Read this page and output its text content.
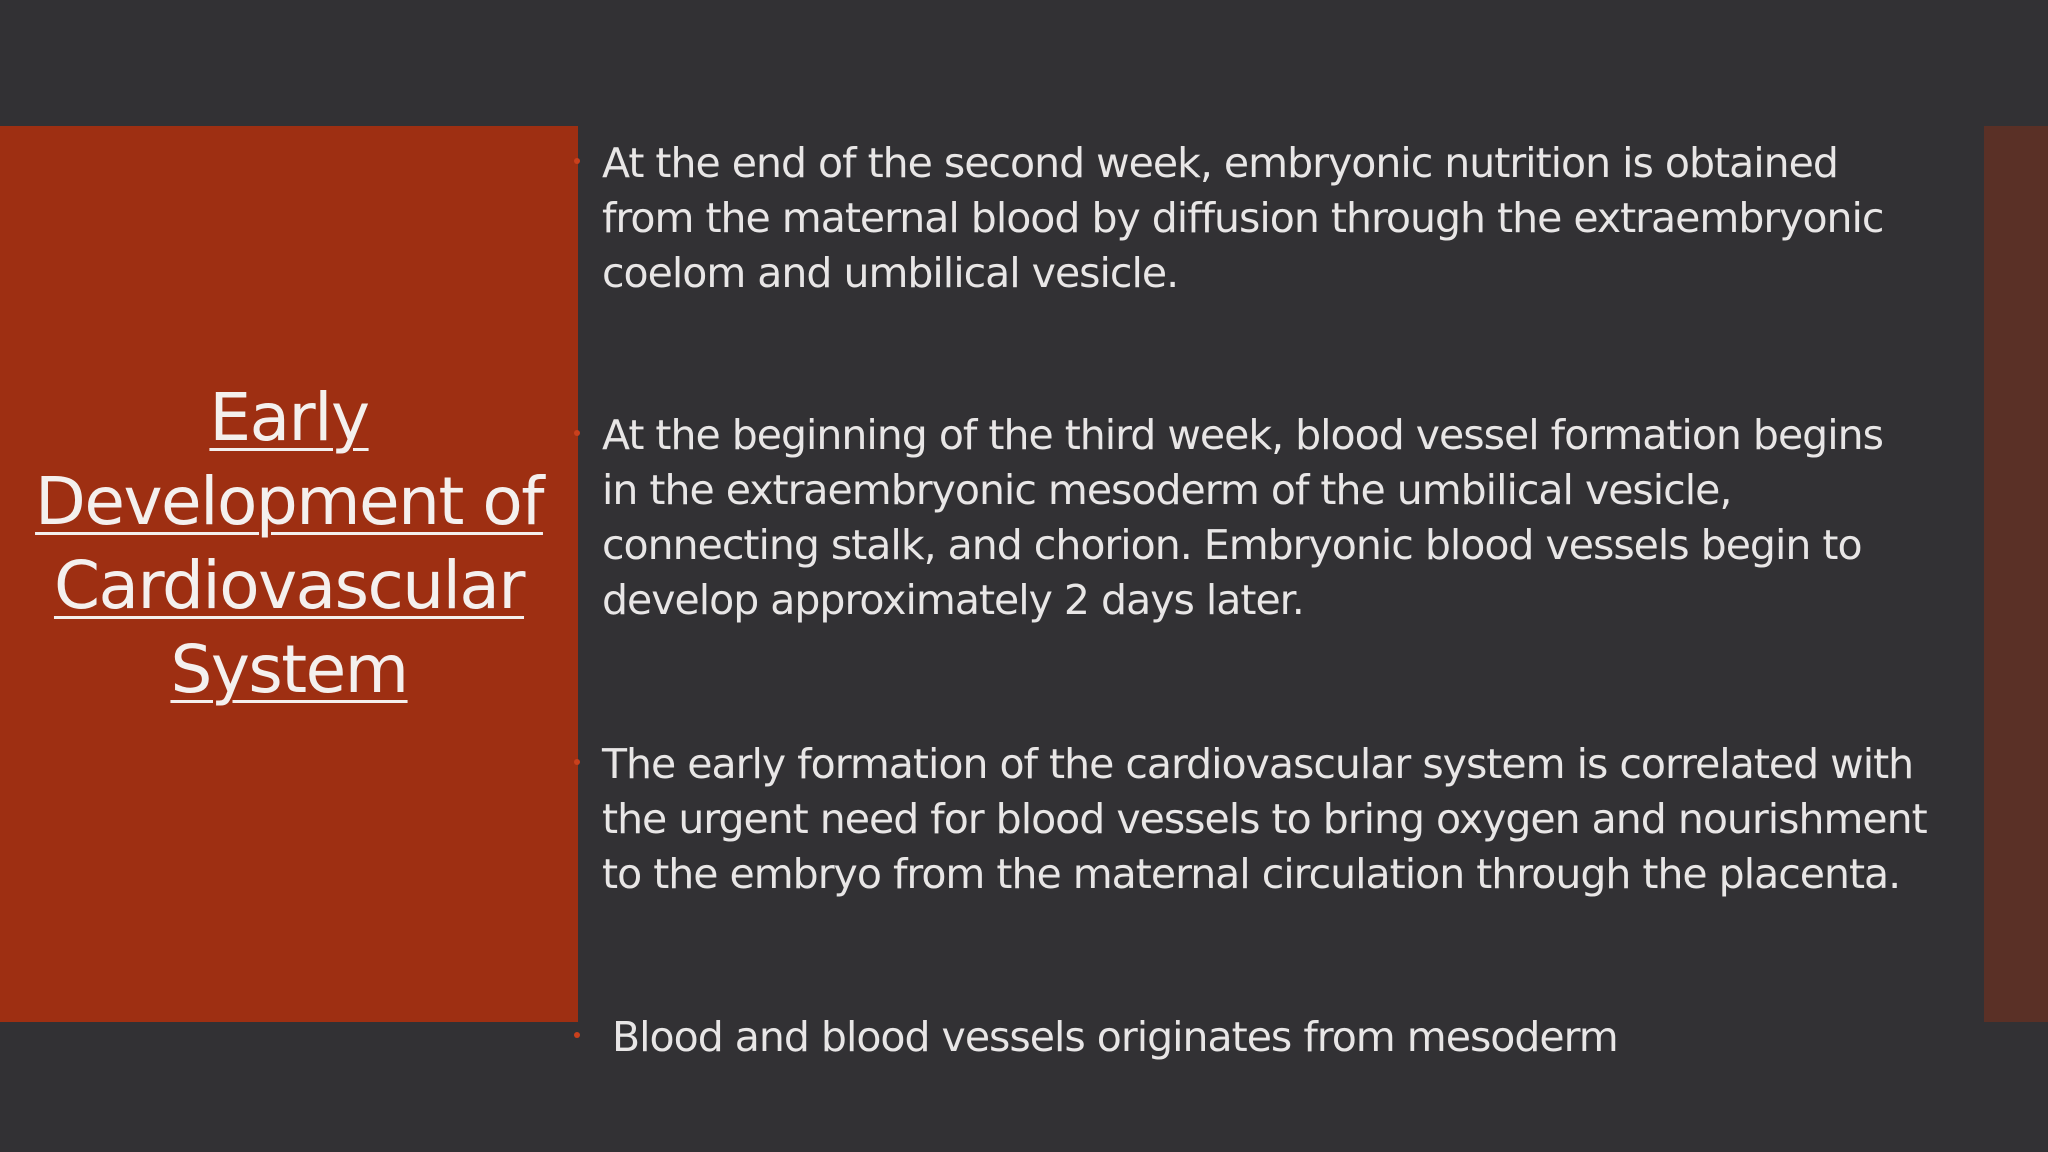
Early
Development of
Cardiovascular
System
At the end of the second week, embryonic nutrition is obtained
from the maternal blood by diffusion through the extraembryonic
coelom and umbilical vesicle.
At the beginning of the third week, blood vessel formation begins
in the extraembryonic mesoderm of the umbilical vesicle,
connecting stalk, and chorion. Embryonic blood vessels begin to
develop approximately 2 days later.
The early formation of the cardiovascular system is correlated with
the urgent need for blood vessels to bring oxygen and nourishment
to the embryo from the maternal circulation through the placenta.
Blood and blood vessels originates from mesoderm
